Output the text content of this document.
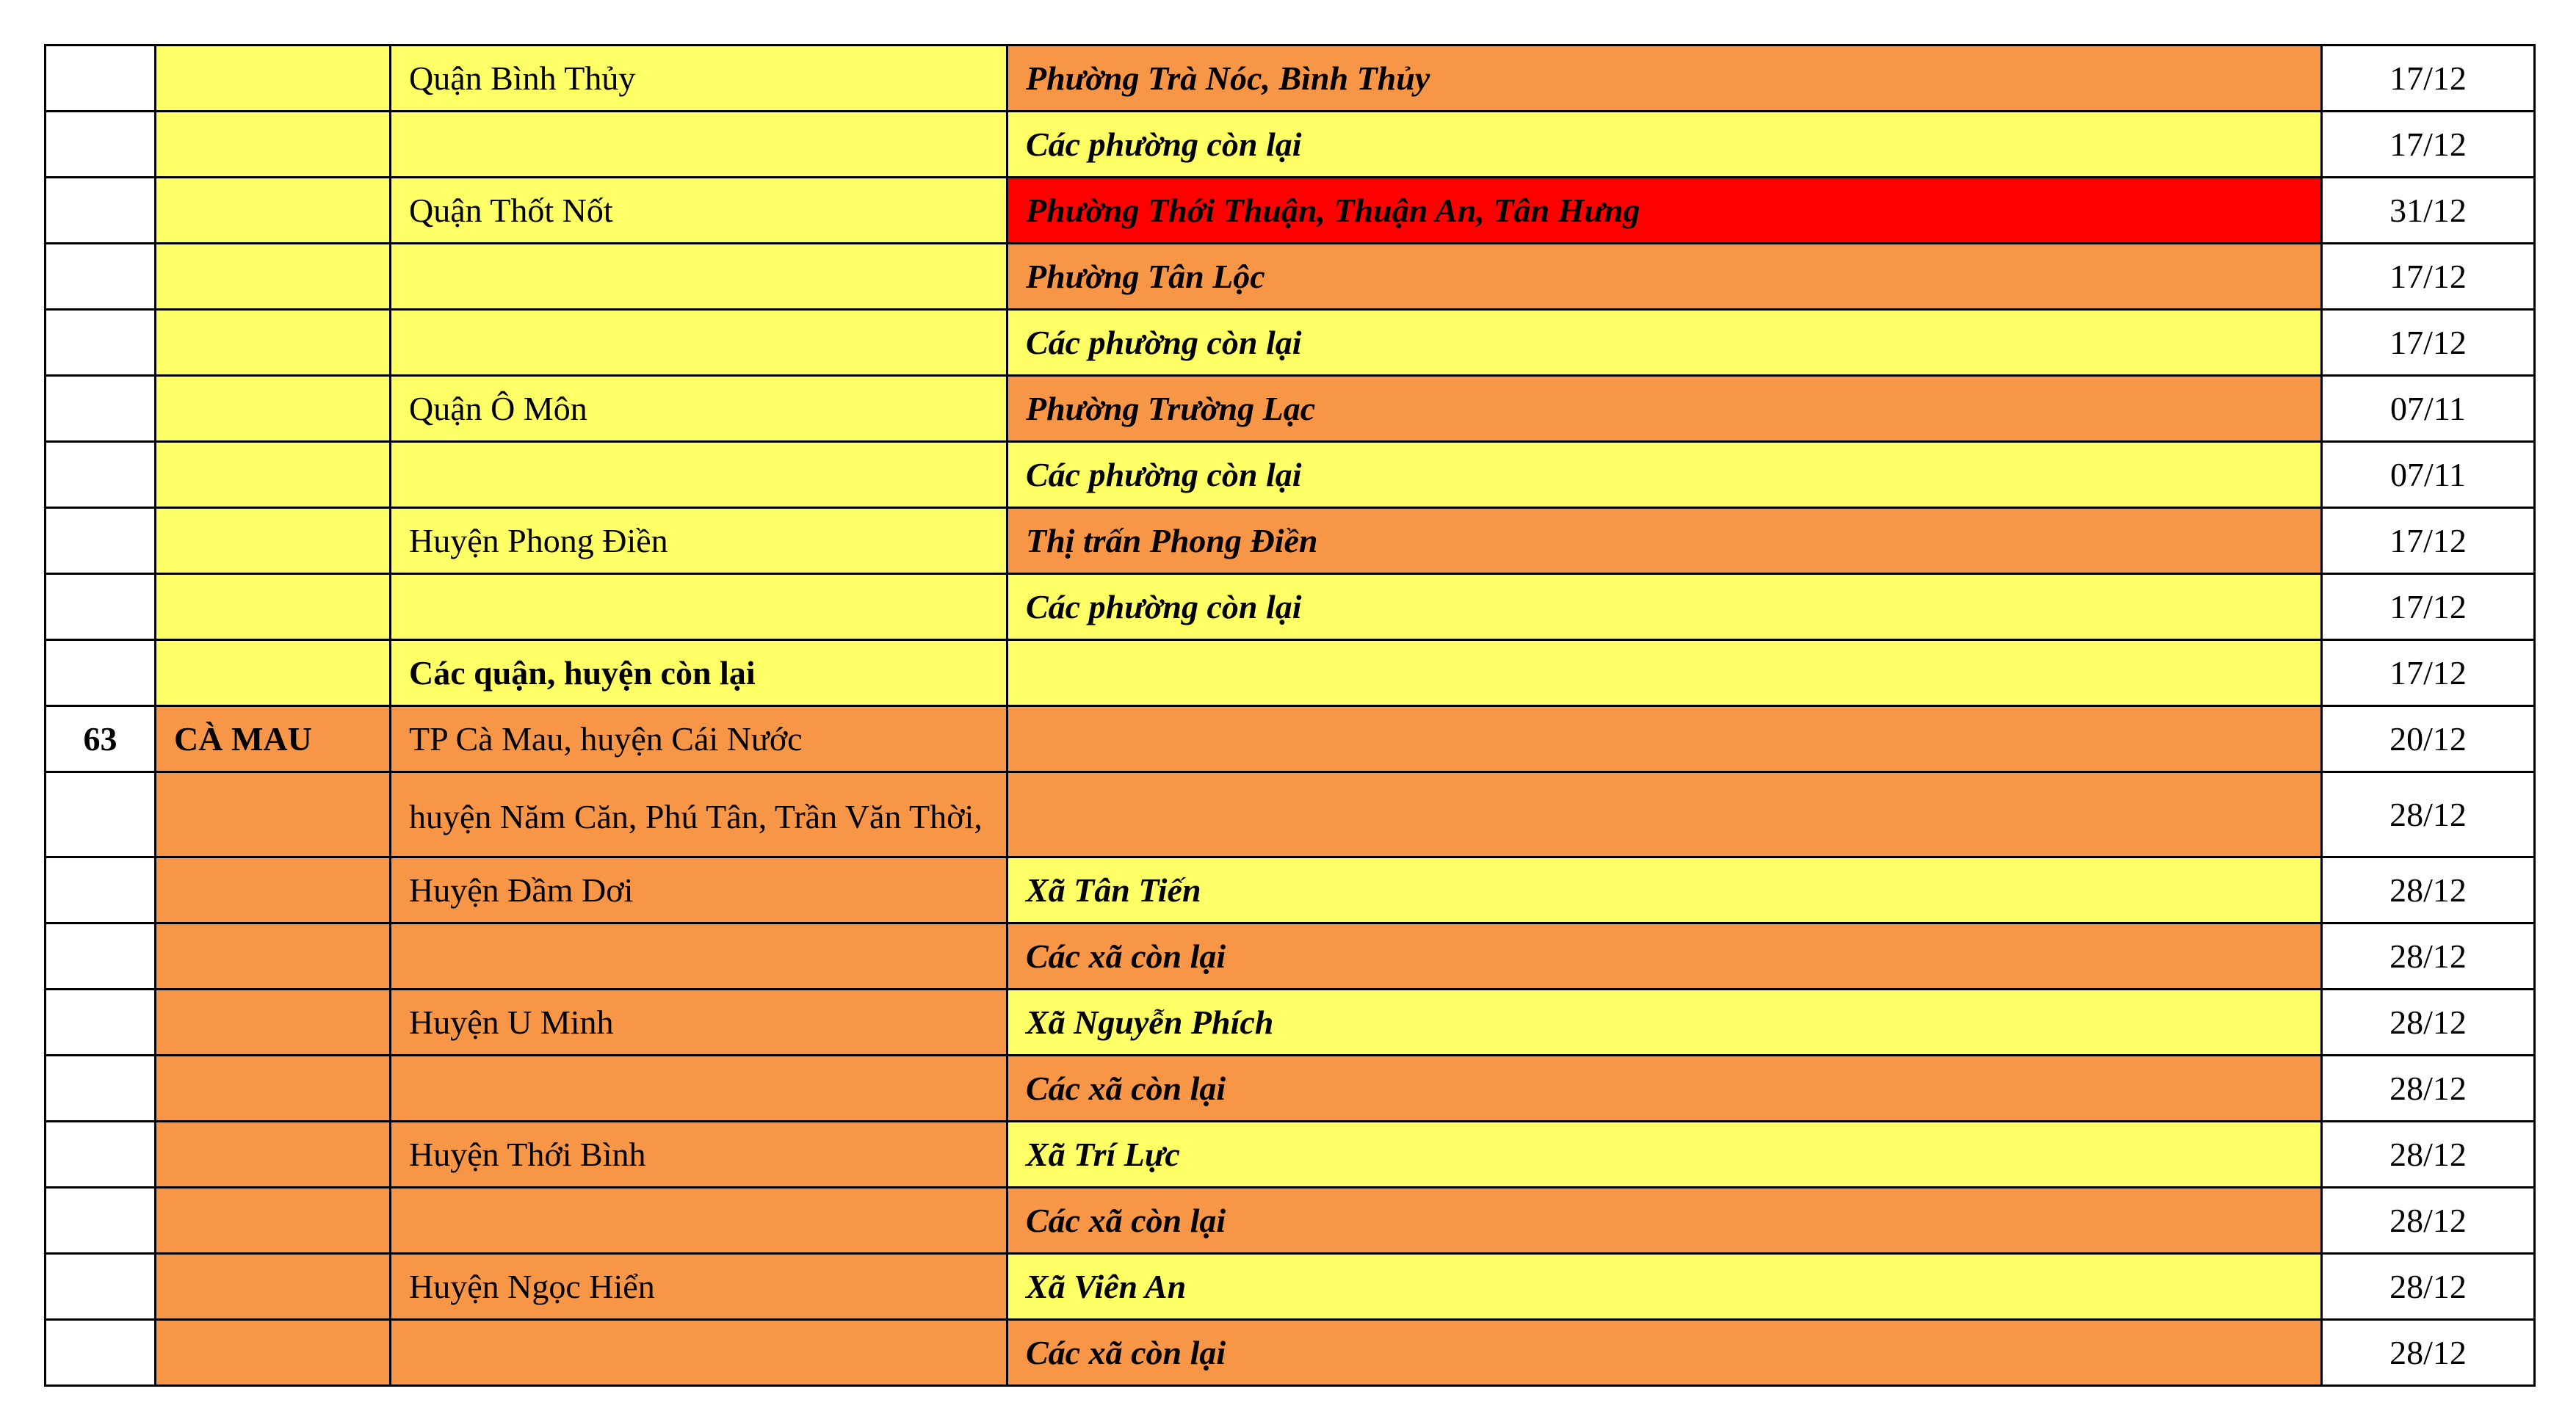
		Quận Bình Thủy	Phường Trà Nóc, Bình Thủy	17/12
			Các phường còn lại	17/12
		Quận Thốt Nốt	Phường Thới Thuận, Thuận An, Tân Hưng	31/12
			Phường Tân Lộc	17/12
			Các phường còn lại	17/12
		Quận Ô Môn	Phường Trường Lạc	07/11
			Các phường còn lại	07/11
		Huyện Phong Điền	Thị trấn Phong Điền	17/12
			Các phường còn lại	17/12
		Các quận, huyện còn lại		17/12
63	CÀ MAU	TP Cà Mau, huyện Cái Nước		20/12
		huyện Năm Căn, Phú Tân, Trần Văn Thời,		28/12
		Huyện Đầm Dơi	Xã Tân Tiến	28/12
			Các xã còn lại	28/12
		Huyện U Minh	Xã Nguyễn Phích	28/12
			Các xã còn lại	28/12
		Huyện Thới Bình	Xã Trí Lực	28/12
			Các xã còn lại	28/12
		Huyện Ngọc Hiển	Xã Viên An	28/12
			Các xã còn lại	28/12
